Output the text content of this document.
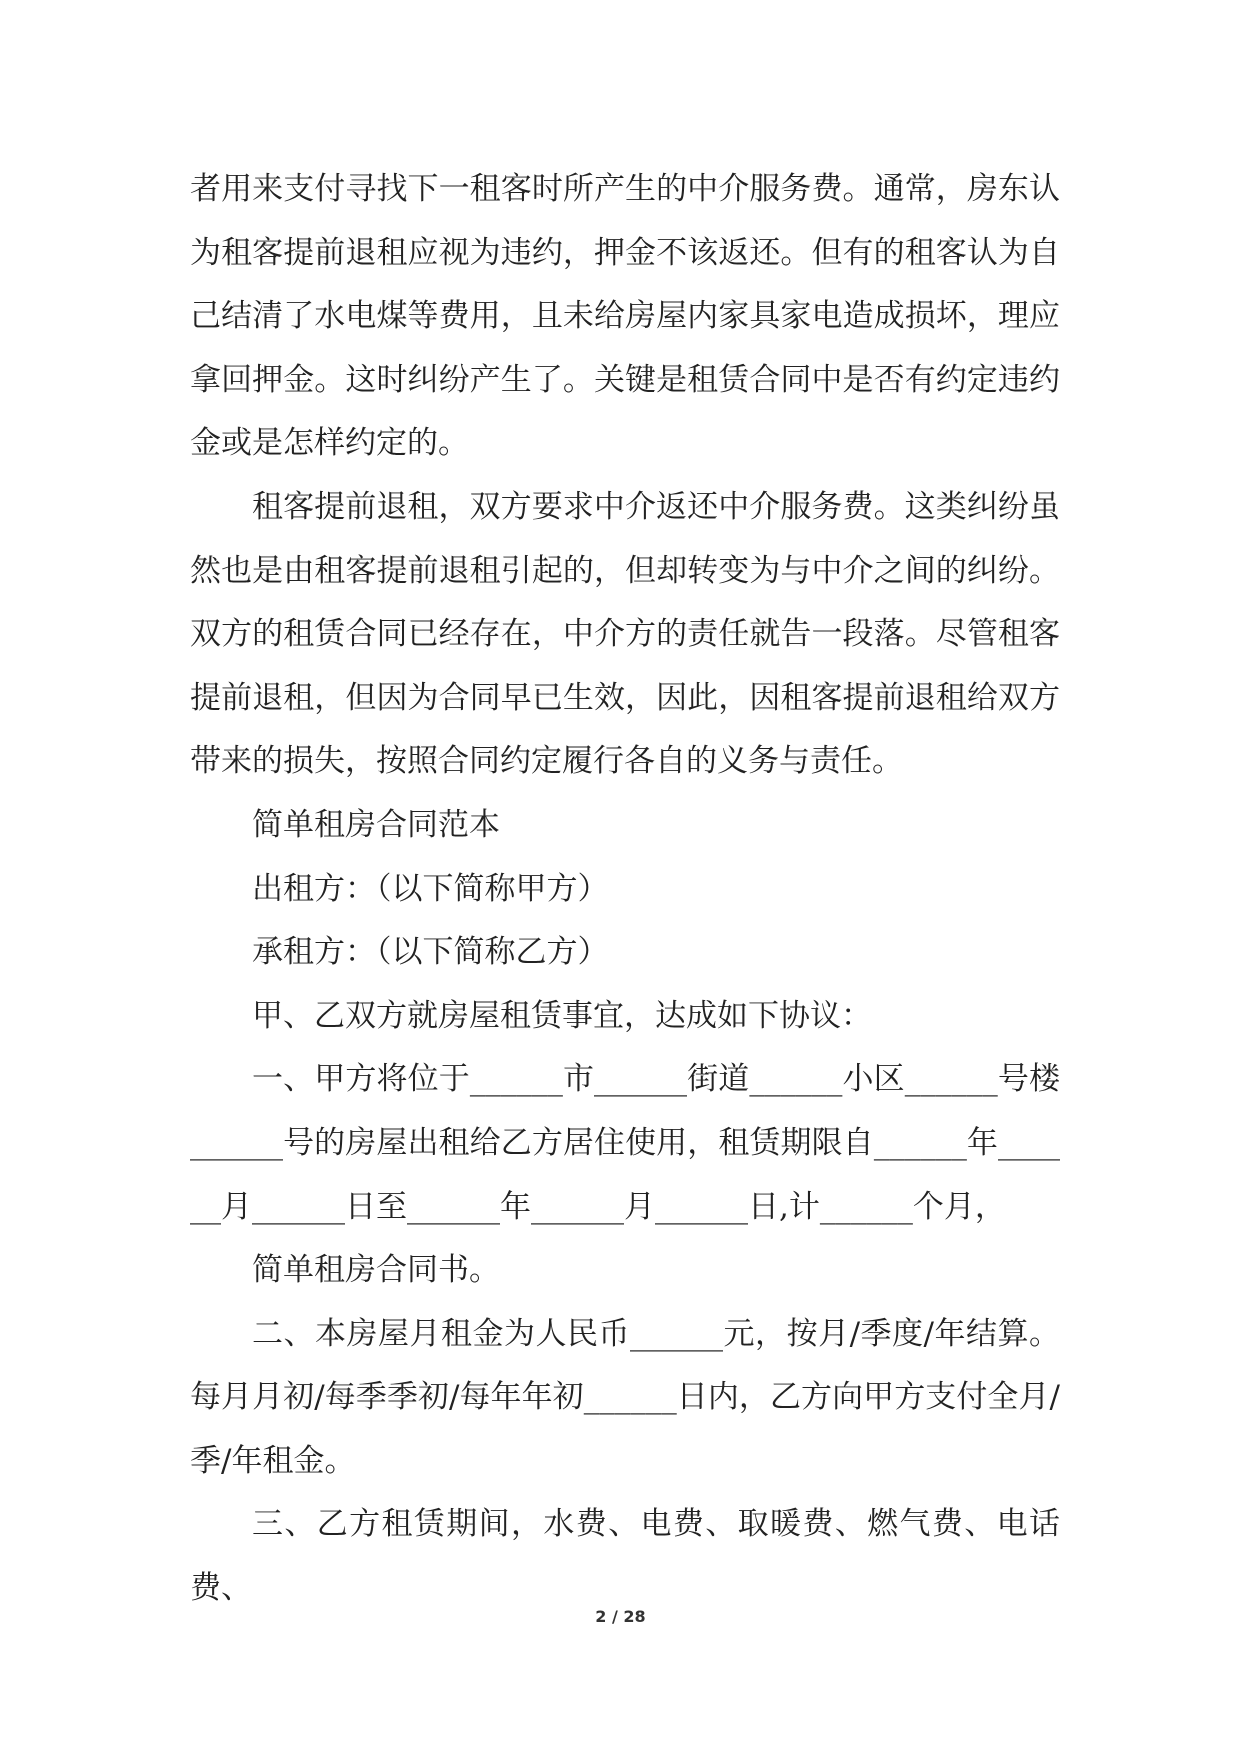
者用来支付寻找下一租客时所产生的中介服务费。通常，房东认为租客提前退租应视为违约，押金不该返还。但有的租客认为自己结清了水电煤等费用，且未给房屋内家具家电造成损坏，理应拿回押金。这时纠纷产生了。关键是租赁合同中是否有约定违约金或是怎样约定的。

租客提前退租，双方要求中介返还中介服务费。这类纠纷虽然也是由租客提前退租引起的，但却转变为与中介之间的纠纷。双方的租赁合同已经存在，中介方的责任就告一段落。尽管租客提前退租，但因为合同早已生效，因此，因租客提前退租给双方带来的损失，按照合同约定履行各自的义务与责任。

简单租房合同范本

出租方：（以下简称甲方）

承租方：（以下简称乙方）

甲、乙双方就房屋租赁事宜，达成如下协议：

一、甲方将位于______市______街道______小区______号楼______号的房屋出租给乙方居住使用，租赁期限自______年______月______日至______年______月______日,计______个月，

简单租房合同书。

二、本房屋月租金为人民币______元，按月/季度/年结算。每月月初/每季季初/每年年初______日内，乙方向甲方支付全月/季/年租金。

三、乙方租赁期间，水费、电费、取暖费、燃气费、电话费、

2 / 28
